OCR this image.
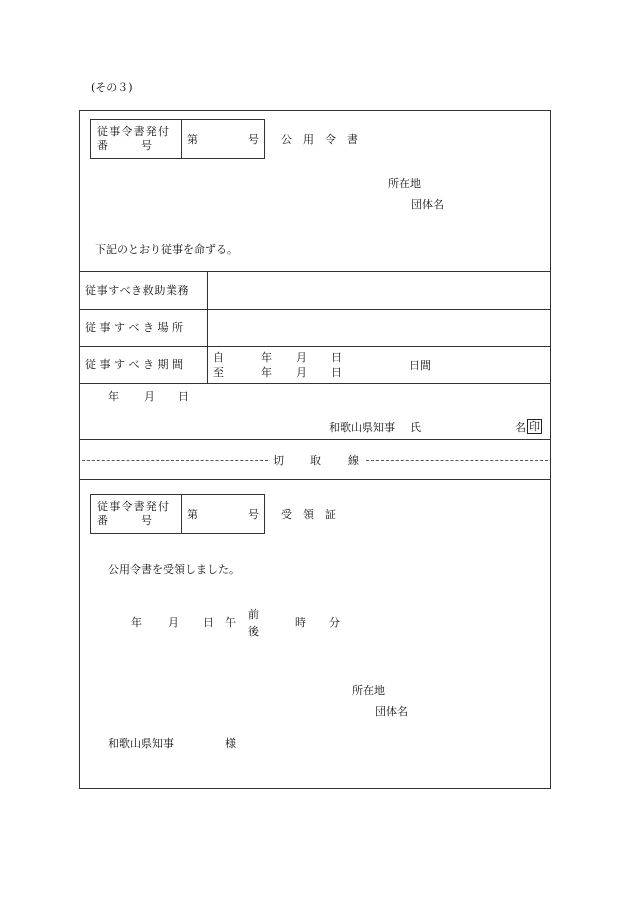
(その３)
従事令書発付
番　　　号	第	号 公　用　令　書
所在地
団体名
下記のとおり従事を命ずる。
従事すべき救助業務
従 事 す べ き 場 所
従 事 す べ き 期 間
自	年 月 日
至	年 月 日
日間
年 月 日
和歌山県知事 氏	名 印
切 取 線
従事令書発付
番　　　号	第	号 受　領　証
公用令書を受領しました。
年 月 日 午
前
後
時 分
所在地
団体名
和歌山県知事	様
